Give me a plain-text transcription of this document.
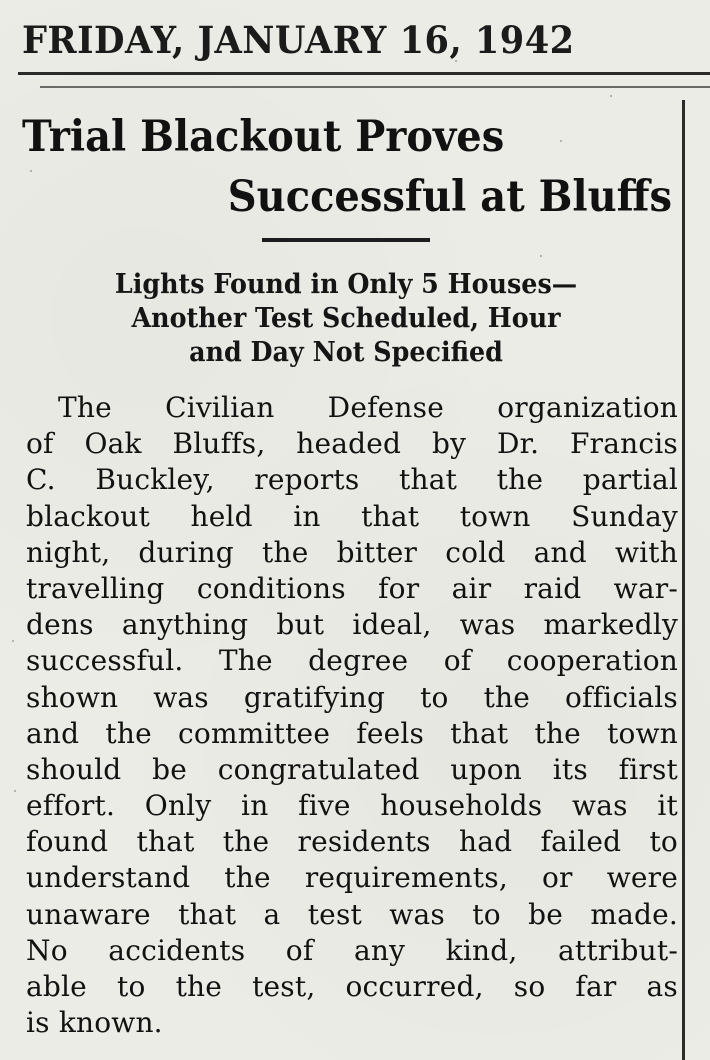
FRIDAY, JANUARY 16, 1942
Trial Blackout Proves
Successful at Bluffs
Lights Found in Only 5 Houses—
Another Test Scheduled, Hour
and Day Not Specified
The Civilian Defense organization
of Oak Bluffs, headed by Dr. Francis
C. Buckley, reports that the partial
blackout held in that town Sunday
night, during the bitter cold and with
travelling conditions for air raid war-
dens anything but ideal, was markedly
successful. The degree of cooperation
shown was gratifying to the officials
and the committee feels that the town
should be congratulated upon its first
effort. Only in five households was it
found that the residents had failed to
understand the requirements, or were
unaware that a test was to be made.
No accidents of any kind, attribut-
able to the test, occurred, so far as
is known.
